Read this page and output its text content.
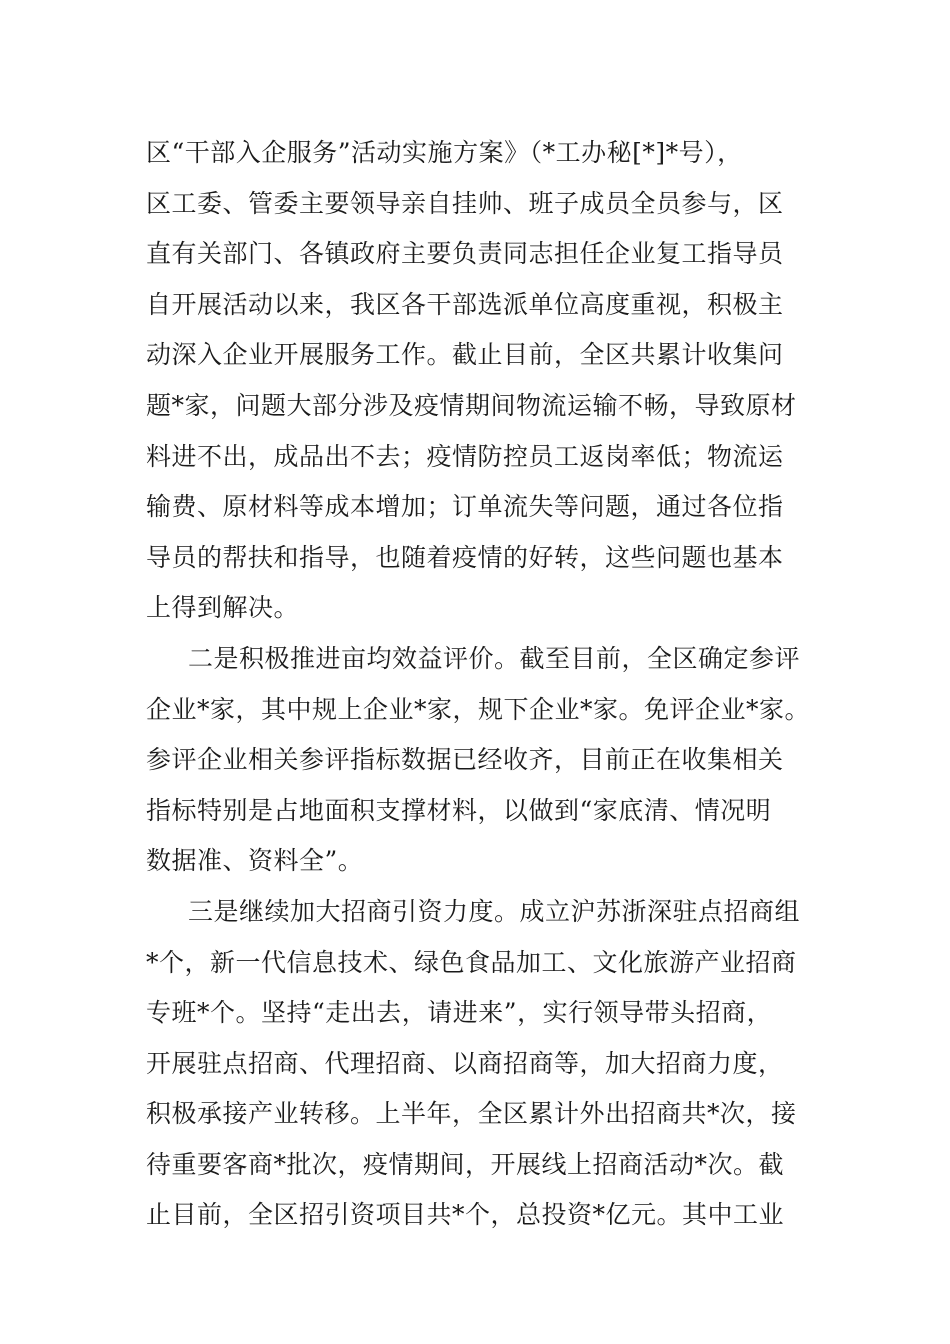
区“干部入企服务”活动实施方案》（*工办秘[*]*号），
区工委、管委主要领导亲自挂帅、班子成员全员参与，区
直有关部门、各镇政府主要负责同志担任企业复工指导员
自开展活动以来，我区各干部选派单位高度重视，积极主
动深入企业开展服务工作。截止目前，全区共累计收集问
题*家，问题大部分涉及疫情期间物流运输不畅，导致原材
料进不出，成品出不去；疫情防控员工返岗率低；物流运
输费、原材料等成本增加；订单流失等问题，通过各位指
导员的帮扶和指导，也随着疫情的好转，这些问题也基本
上得到解决。
二是积极推进亩均效益评价。截至目前，全区确定参评
企业*家，其中规上企业*家，规下企业*家。免评企业*家。
参评企业相关参评指标数据已经收齐，目前正在收集相关
指标特别是占地面积支撑材料，以做到“家底清、情况明
数据准、资料全”。
三是继续加大招商引资力度。成立沪苏浙深驻点招商组
*个，新一代信息技术、绿色食品加工、文化旅游产业招商
专班*个。坚持“走出去，请进来”，实行领导带头招商，
开展驻点招商、代理招商、以商招商等，加大招商力度，
积极承接产业转移。上半年，全区累计外出招商共*次，接
待重要客商*批次，疫情期间，开展线上招商活动*次。截
止目前，全区招引资项目共*个，总投资*亿元。其中工业
